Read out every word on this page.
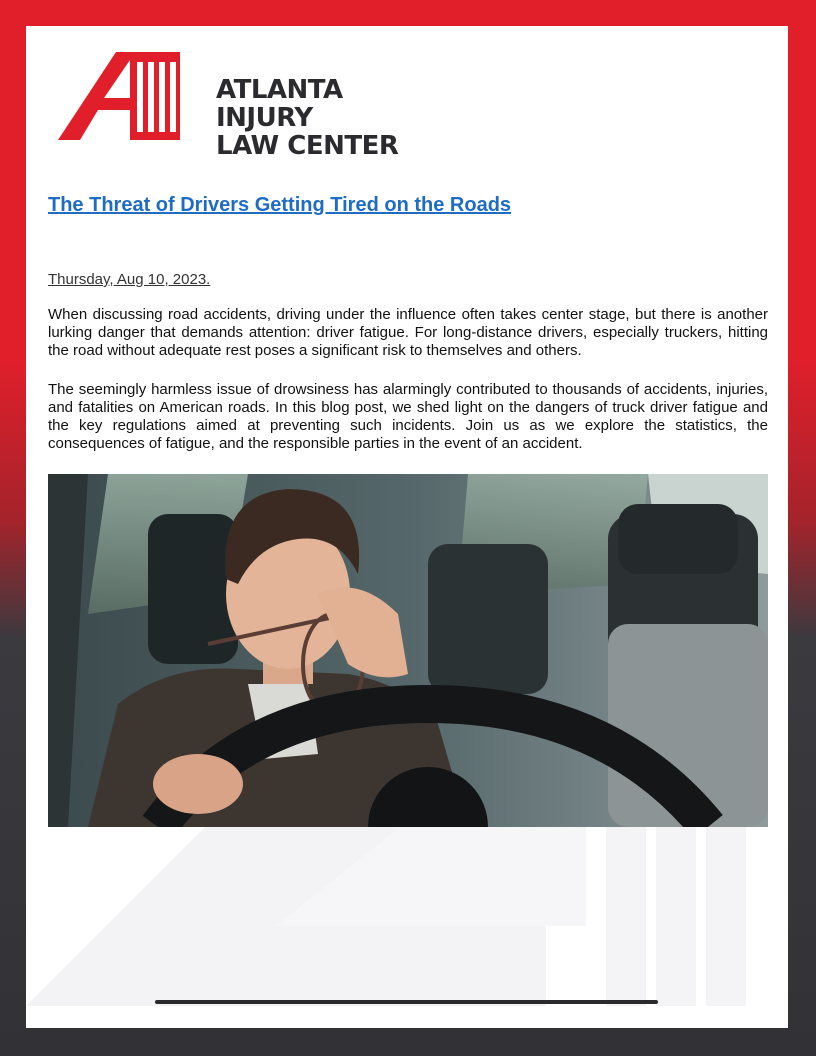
A
ATLANTA
INJURY
LAW CENTER
The Threat of Drivers Getting Tired on the Roads
Thursday, Aug 10, 2023.

When discussing road accidents, driving under the influence often takes center stage, but there is another lurking danger that demands attention: driver fatigue. For long-distance drivers, especially truckers, hitting the road without adequate rest poses a significant risk to themselves and others.

The seemingly harmless issue of drowsiness has alarmingly contributed to thousands of accidents, injuries, and fatalities on American roads. In this blog post, we shed light on the dangers of truck driver fatigue and the key regulations aimed at preventing such incidents. Join us as we explore the statistics, the consequences of fatigue, and the responsible parties in the event of an accident.
